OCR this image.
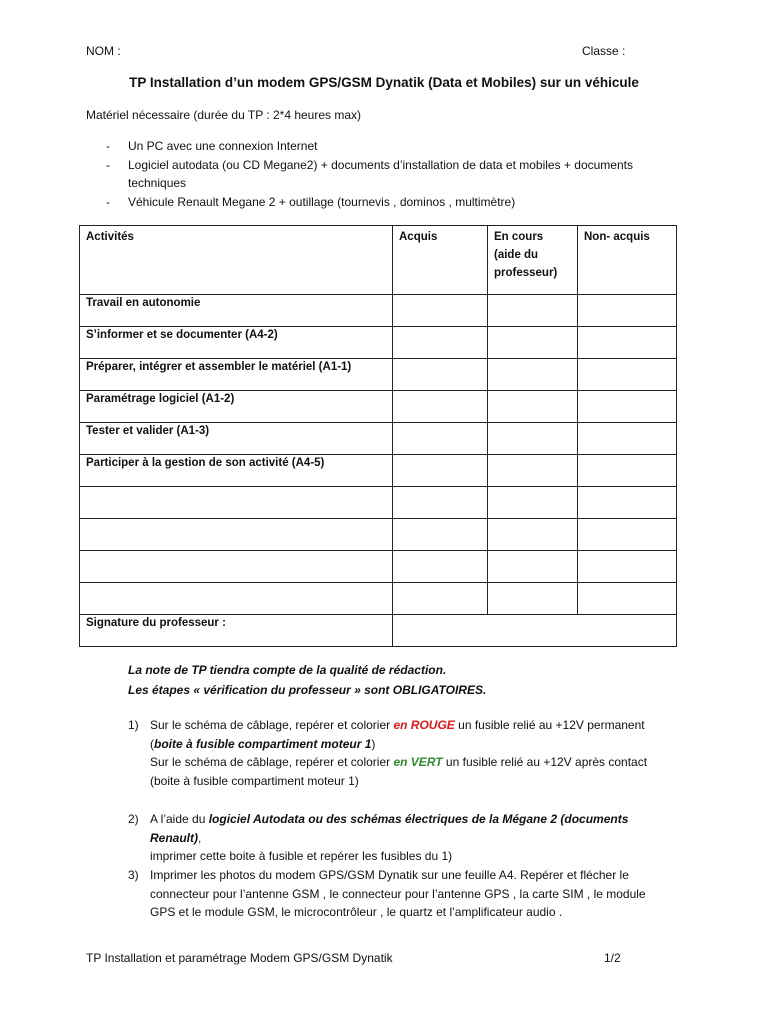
NOM :	Classe :
TP Installation d’un modem GPS/GSM Dynatik (Data et Mobiles) sur un véhicule
Matériel nécessaire (durée du TP : 2*4 heures max)
- Un PC avec une connexion Internet
- Logiciel autodata (ou CD Megane2) + documents d’installation de data et mobiles + documents techniques
- Véhicule Renault Megane 2 + outillage (tournevis , dominos , multimètre)
Activités	Acquis	En cours (aide du professeur)	Non- acquis
Travail en autonomie			
S’informer et se documenter (A4-2)			
Préparer, intégrer et assembler le matériel (A1-1)			
Paramétrage logiciel (A1-2)			
Tester et valider (A1-3)			
Participer à la gestion de son activité (A4-5)			

Signature du professeur :			
La note de TP tiendra compte de la qualité de rédaction.
Les étapes « vérification du professeur » sont OBLIGATOIRES.
1) Sur le schéma de câblage, repérer et colorier en ROUGE un fusible relié au +12V permanent
(boite à fusible compartiment moteur 1)
Sur le schéma de câblage, repérer et colorier en VERT un fusible relié au +12V après contact
(boite à fusible compartiment moteur 1)
2) A l’aide du logiciel Autodata ou des schémas électriques de la Mégane 2 (documents Renault),
imprimer cette boite à fusible et repérer les fusibles du 1)
3) Imprimer les photos du modem GPS/GSM Dynatik sur une feuille A4. Repérer et flécher le connecteur pour l’antenne GSM , le connecteur pour l’antenne GPS , la carte SIM , le module GPS et le module GSM, le microcontrôleur , le quartz et l’amplificateur audio .
TP Installation et paramétrage Modem GPS/GSM Dynatik	1/2
